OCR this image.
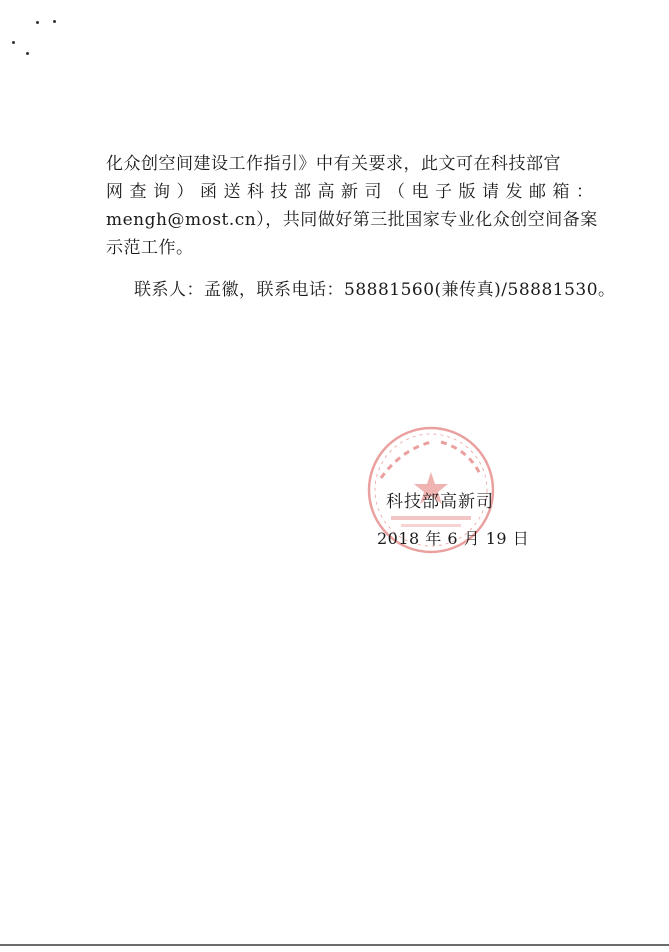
化众创空间建设工作指引》中有关要求，此文可在科技部官
网查询）函送科技部高新司（电子版请发邮箱：
mengh@most.cn），共同做好第三批国家专业化众创空间备案
示范工作。
联系人：孟徽，联系电话：58881560(兼传真)/58881530。
科技部高新司
2018 年 6 月 19 日
